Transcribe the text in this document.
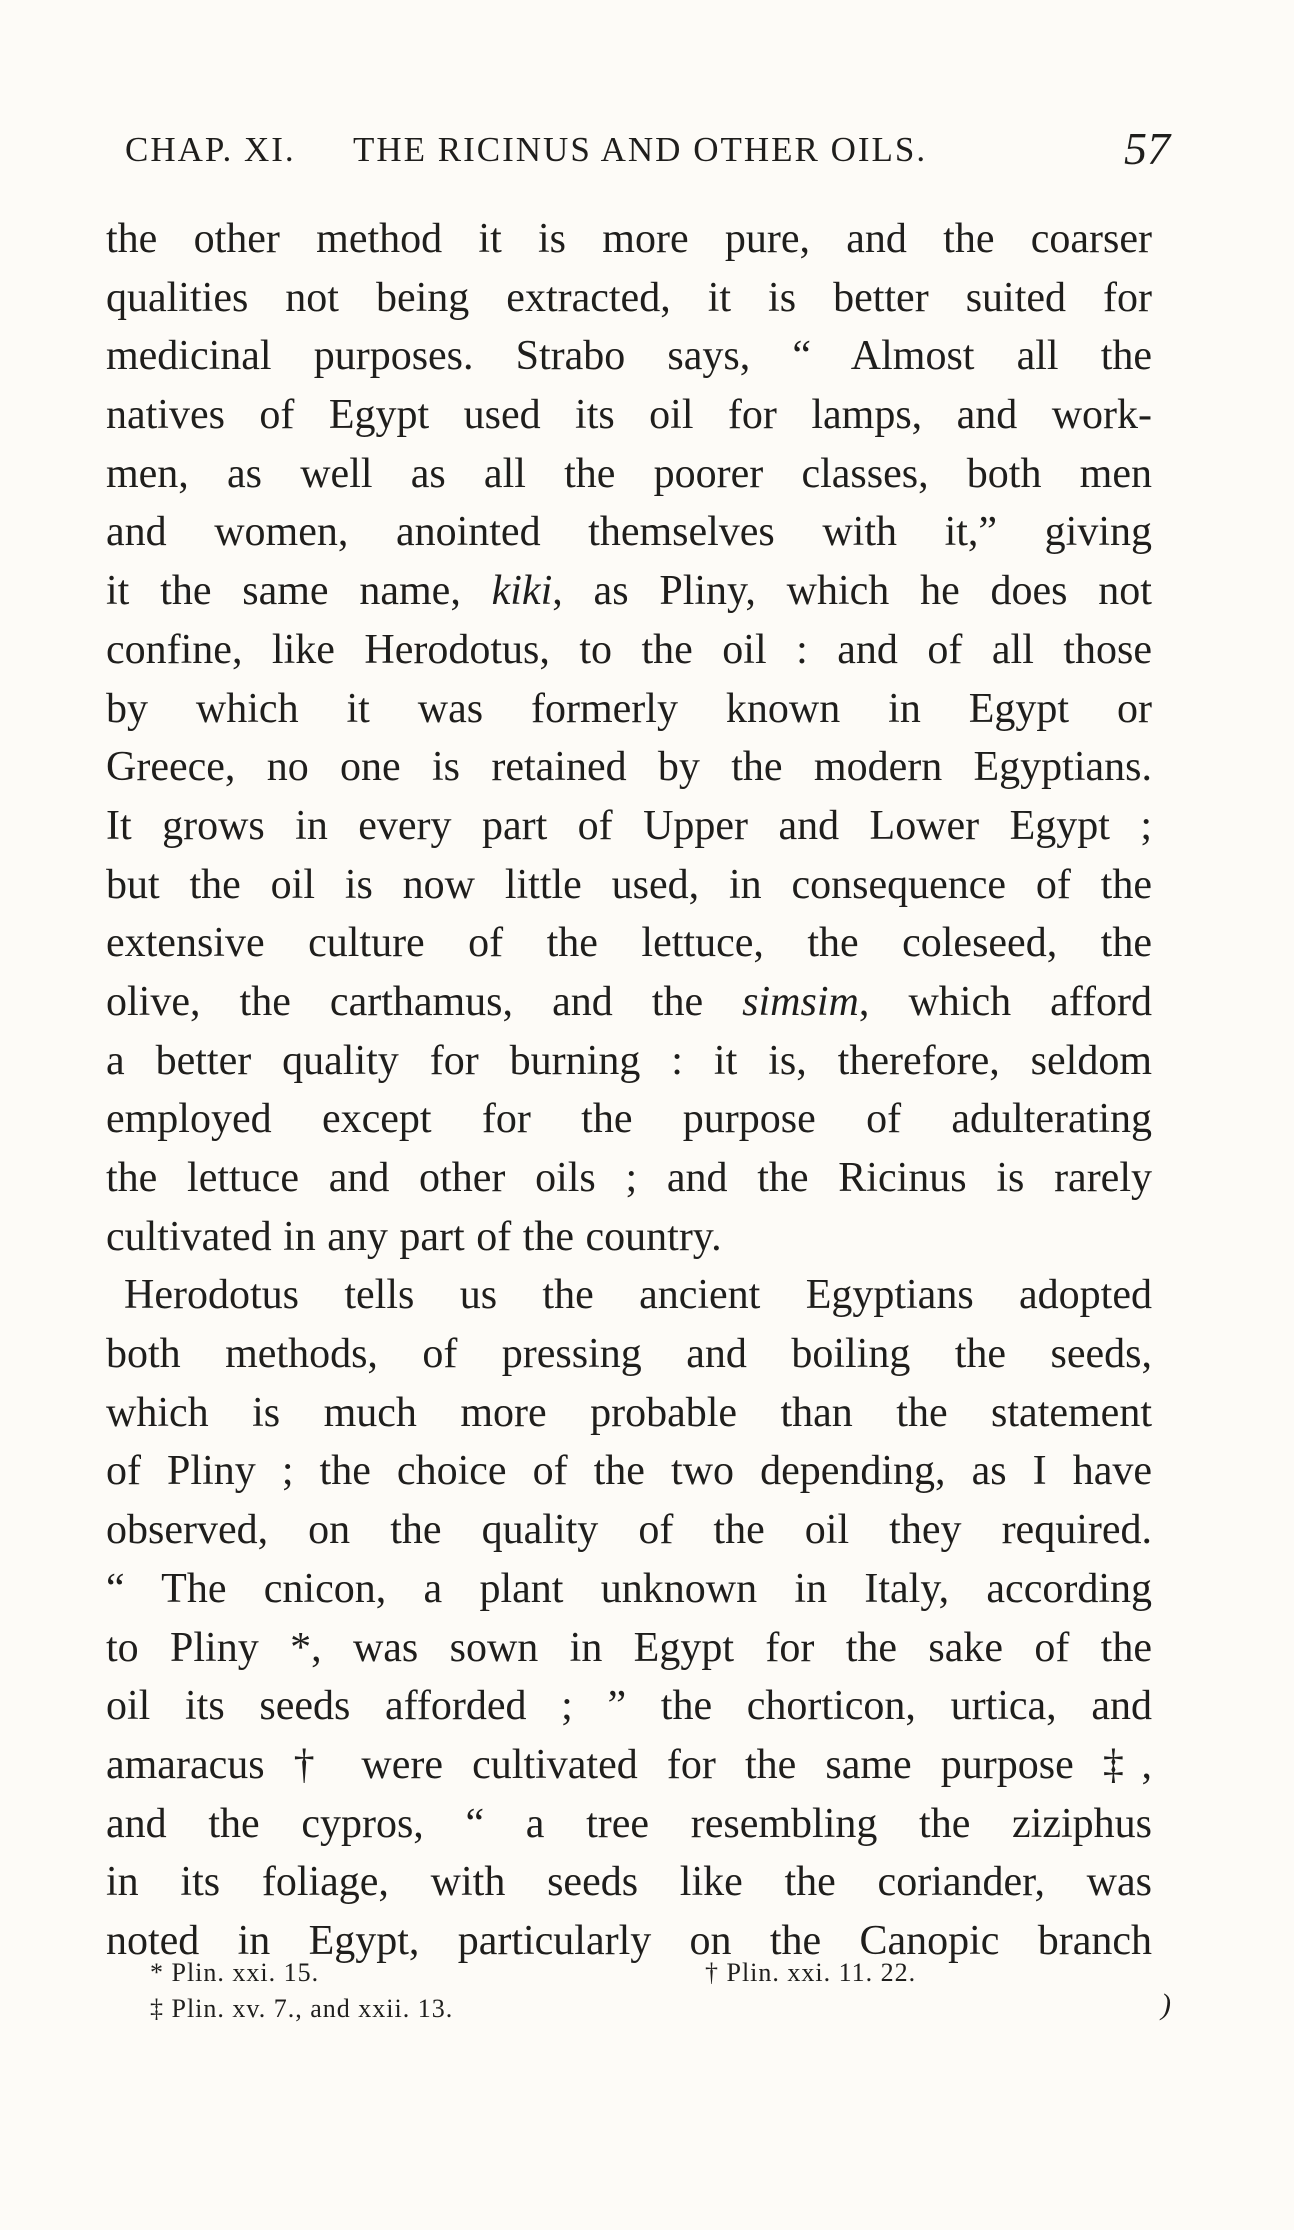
CHAP. XI. THE RICINUS AND OTHER OILS.	57
the other method it is more pure, and the coarser
qualities not being extracted, it is better suited for
medicinal purposes. Strabo says, “ Almost all the
natives of Egypt used its oil for lamps, and work-
men, as well as all the poorer classes, both men
and women, anointed themselves with it,” giving
it the same name, kiki, as Pliny, which he does not
confine, like Herodotus, to the oil : and of all those
by which it was formerly known in Egypt or
Greece, no one is retained by the modern Egyptians.
It grows in every part of Upper and Lower Egypt ;
but the oil is now little used, in consequence of the
extensive culture of the lettuce, the coleseed, the
olive, the carthamus, and the simsim, which afford
a better quality for burning : it is, therefore, seldom
employed except for the purpose of adulterating
the lettuce and other oils ; and the Ricinus is rarely
cultivated in any part of the country.
Herodotus tells us the ancient Egyptians adopted
both methods, of pressing and boiling the seeds,
which is much more probable than the statement
of Pliny ; the choice of the two depending, as I have
observed, on the quality of the oil they required.
“ The cnicon, a plant unknown in Italy, according
to Pliny *, was sown in Egypt for the sake of the
oil its seeds afforded ; ” the chorticon, urtica, and
amaracus † were cultivated for the same purpose ‡,
and the cypros, “ a tree resembling the ziziphus
in its foliage, with seeds like the coriander, was
noted in Egypt, particularly on the Canopic branch
* Plin. xxi. 15.	† Plin. xxi. 11. 22.
‡ Plin. xv. 7., and xxii. 13.	)
